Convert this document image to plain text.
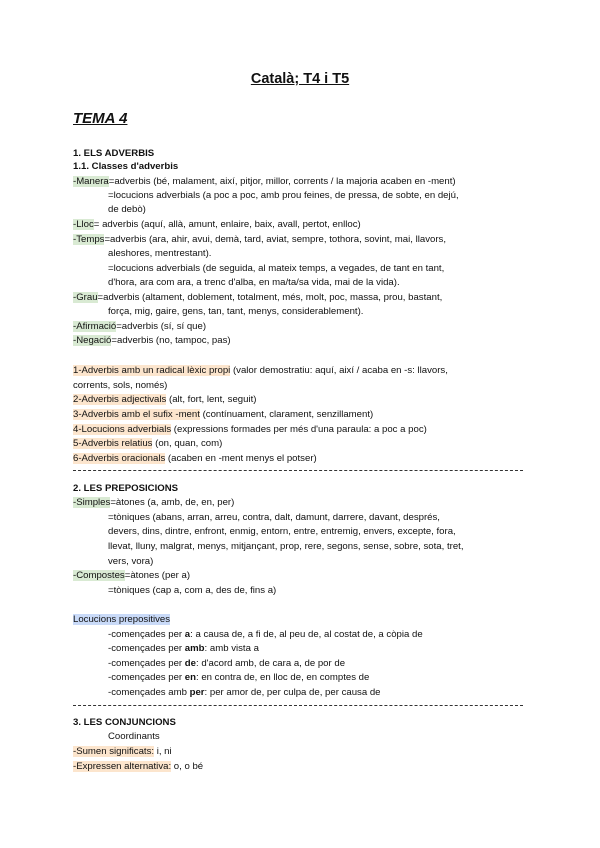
Català; T4 i T5
TEMA 4
1. ELS ADVERBIS
1.1. Classes d'adverbis
-Manera=adverbis (bé, malament, així, pitjor, millor, corrents / la majoria acaben en -ment)
=locucions adverbials (a poc a poc, amb prou feines, de pressa, de sobte, en dejú,
de debò)
-Lloc= adverbis (aquí, allà, amunt, enlaire, baix, avall, pertot, enlloc)
-Temps=adverbis (ara, ahir, avui, demà, tard, aviat, sempre, tothora, sovint, mai, llavors,
aleshores, mentrestant).
=locucions adverbials (de seguida, al mateix temps, a vegades, de tant en tant,
d'hora, ara com ara, a trenc d'alba, en ma/ta/sa vida, mai de la vida).
-Grau=adverbis (altament, doblement, totalment, més, molt, poc, massa, prou, bastant,
força, mig, gaire, gens, tan, tant, menys, considerablement).
-Afirmació=adverbis (sí, sí que)
-Negació=adverbis (no, tampoc, pas)
1-Adverbis amb un radical lèxic propi (valor demostratiu: aquí, així / acaba en -s: llavors,
corrents, sols, només)
2-Adverbis adjectivals (alt, fort, lent, seguit)
3-Adverbis amb el sufix -ment (contínuament, clarament, senzillament)
4-Locucions adverbials (expressions formades per més d'una paraula: a poc a poc)
5-Adverbis relatius (on, quan, com)
6-Adverbis oracionals (acaben en -ment menys el potser)
2. LES PREPOSICIONS
-Simples=àtones (a, amb, de, en, per)
=tòniques (abans, arran, arreu, contra, dalt, damunt, darrere, davant, després,
devers, dins, dintre, enfront, enmig, entorn, entre, entremig, envers, excepte, fora,
llevat, lluny, malgrat, menys, mitjançant, prop, rere, segons, sense, sobre, sota, tret,
vers, vora)
-Compostes=àtones (per a)
=tòniques (cap a, com a, des de, fins a)
Locucions prepositives
-començades per a: a causa de, a fi de, al peu de, al costat de, a còpia de
-començades per amb: amb vista a
-començades per de: d'acord amb, de cara a, de por de
-començades per en: en contra de, en lloc de, en comptes de
-començades amb per: per amor de, per culpa de, per causa de
3. LES CONJUNCIONS
Coordinants
-Sumen significats: i, ni
-Expressen alternativa: o, o bé
